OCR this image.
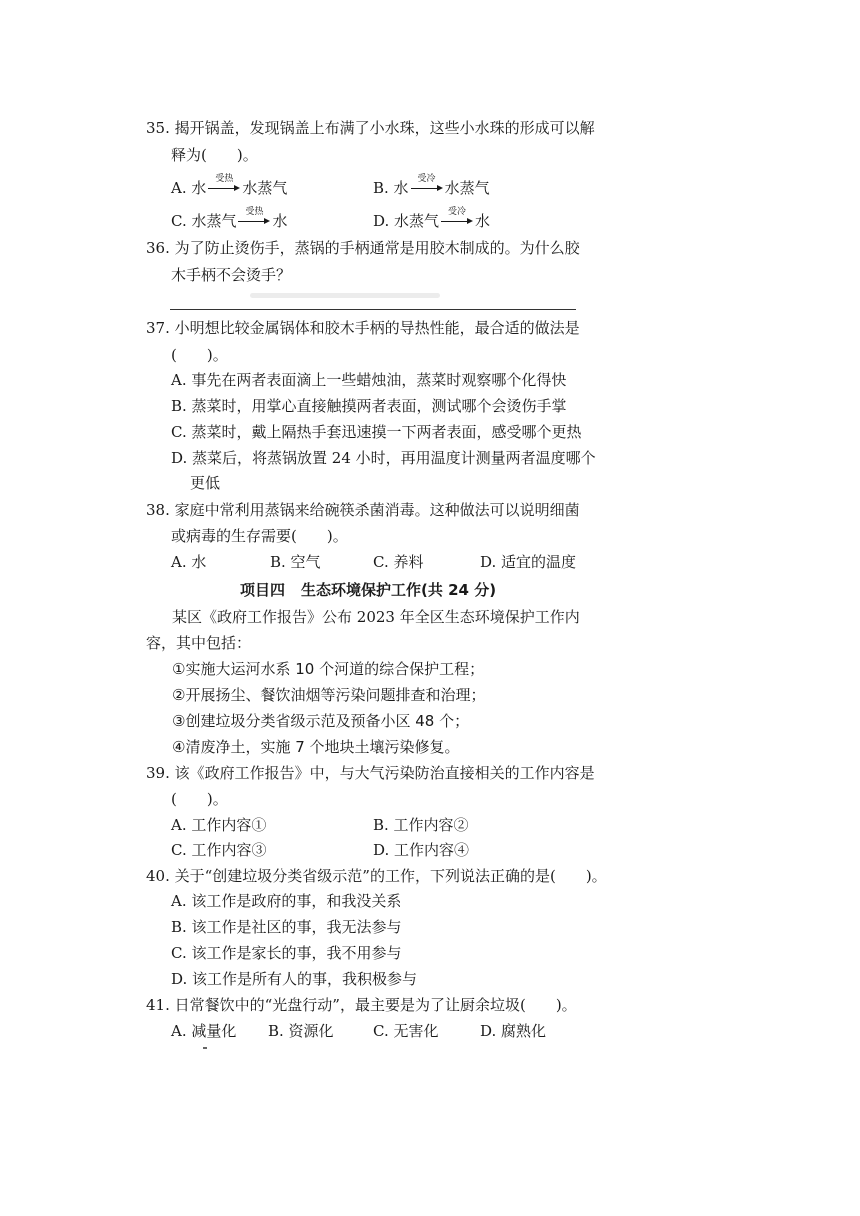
35. 揭开锅盖，发现锅盖上布满了小水珠，这些小水珠的形成可以解
释为(　　)。
A. 水 受热 水蒸气	B. 水 受冷 水蒸气
C. 水蒸气 受热 水	D. 水蒸气 受冷 水
36. 为了防止烫伤手，蒸锅的手柄通常是用胶木制成的。为什么胶
木手柄不会烫手？
37. 小明想比较金属锅体和胶木手柄的导热性能，最合适的做法是
(　　)。
A. 事先在两者表面滴上一些蜡烛油，蒸菜时观察哪个化得快
B. 蒸菜时，用掌心直接触摸两者表面，测试哪个会烫伤手掌
C. 蒸菜时，戴上隔热手套迅速摸一下两者表面，感受哪个更热
D. 蒸菜后，将蒸锅放置 24 小时，再用温度计测量两者温度哪个
更低
38. 家庭中常利用蒸锅来给碗筷杀菌消毒。这种做法可以说明细菌
或病毒的生存需要(　　)。
A. 水	B. 空气	C. 养料	D. 适宜的温度
项目四 生态环境保护工作(共 24 分)
某区《政府工作报告》公布 2023 年全区生态环境保护工作内
容，其中包括：
①实施大运河水系 10 个河道的综合保护工程；
②开展扬尘、餐饮油烟等污染问题排查和治理；
③创建垃圾分类省级示范及预备小区 48 个；
④清废净土，实施 7 个地块土壤污染修复。
39. 该《政府工作报告》中，与大气污染防治直接相关的工作内容是
(　　)。
A. 工作内容①	B. 工作内容②
C. 工作内容③	D. 工作内容④
40. 关于“创建垃圾分类省级示范”的工作，下列说法正确的是(　　)。
A. 该工作是政府的事，和我没关系
B. 该工作是社区的事，我无法参与
C. 该工作是家长的事，我不用参与
D. 该工作是所有人的事，我积极参与
41. 日常餐饮中的“光盘行动”，最主要是为了让厨余垃圾(　　)。
A. 减量化 B. 资源化	C. 无害化	D. 腐熟化
